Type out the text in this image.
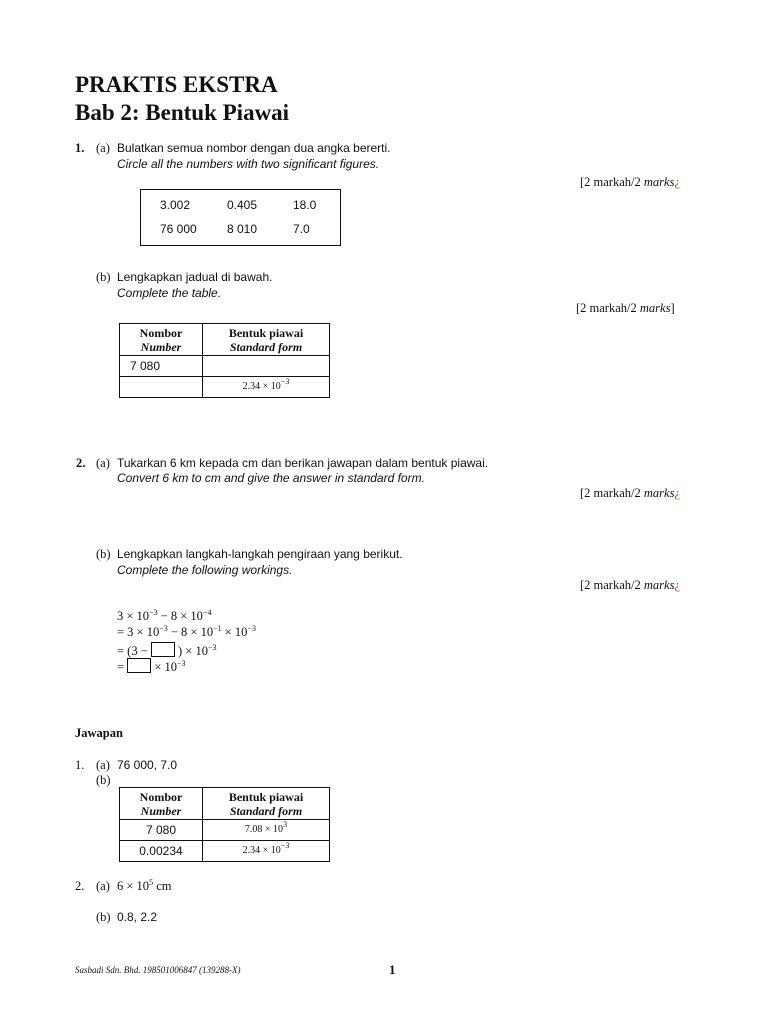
PRAKTIS EKSTRA
Bab 2: Bentuk Piawai
1. (a) Bulatkan semua nombor dengan dua angka bererti.
Circle all the numbers with two significant figures.
[2 markah/2 marks¿
3.002	0.405	18.0
76 000	8 010	7.0
(b) Lengkapkan jadual di bawah.
Complete the table.
[2 markah/2 marks]
Nombor
Number	Bentuk piawai
Standard form

7 080	
	$2.34 \times 10^{-3}$
2. (a) Tukarkan 6 km kepada cm dan berikan jawapan dalam bentuk piawai.
Convert 6 km to cm and give the answer in standard form.
[2 markah/2 marks¿
(b) Lengkapkan langkah-langkah pengiraan yang berikut.
Complete the following workings.
[2 markah/2 marks¿
$3 \times 10^{-3} - 8 \times 10^{-4}$
= $3 \times 10^{-3} - 8 \times 10^{-1} \times 10^{-3}$
= (3 −  ) × $10^{-3}$
=  × $10^{-3}$
Jawapan
1. (a) 76 000, 7.0
(b)
Nombor
Number	Bentuk piawai
Standard form

7 080	$7.08 \times 10^3$
0.00234	$2.34 \times 10^{-3}$
2. (a) $6 \times 10^5$ cm
(b) 0.8, 2.2
Sasbadi Sdn. Bhd. 198501006847 (139288-X)	1
